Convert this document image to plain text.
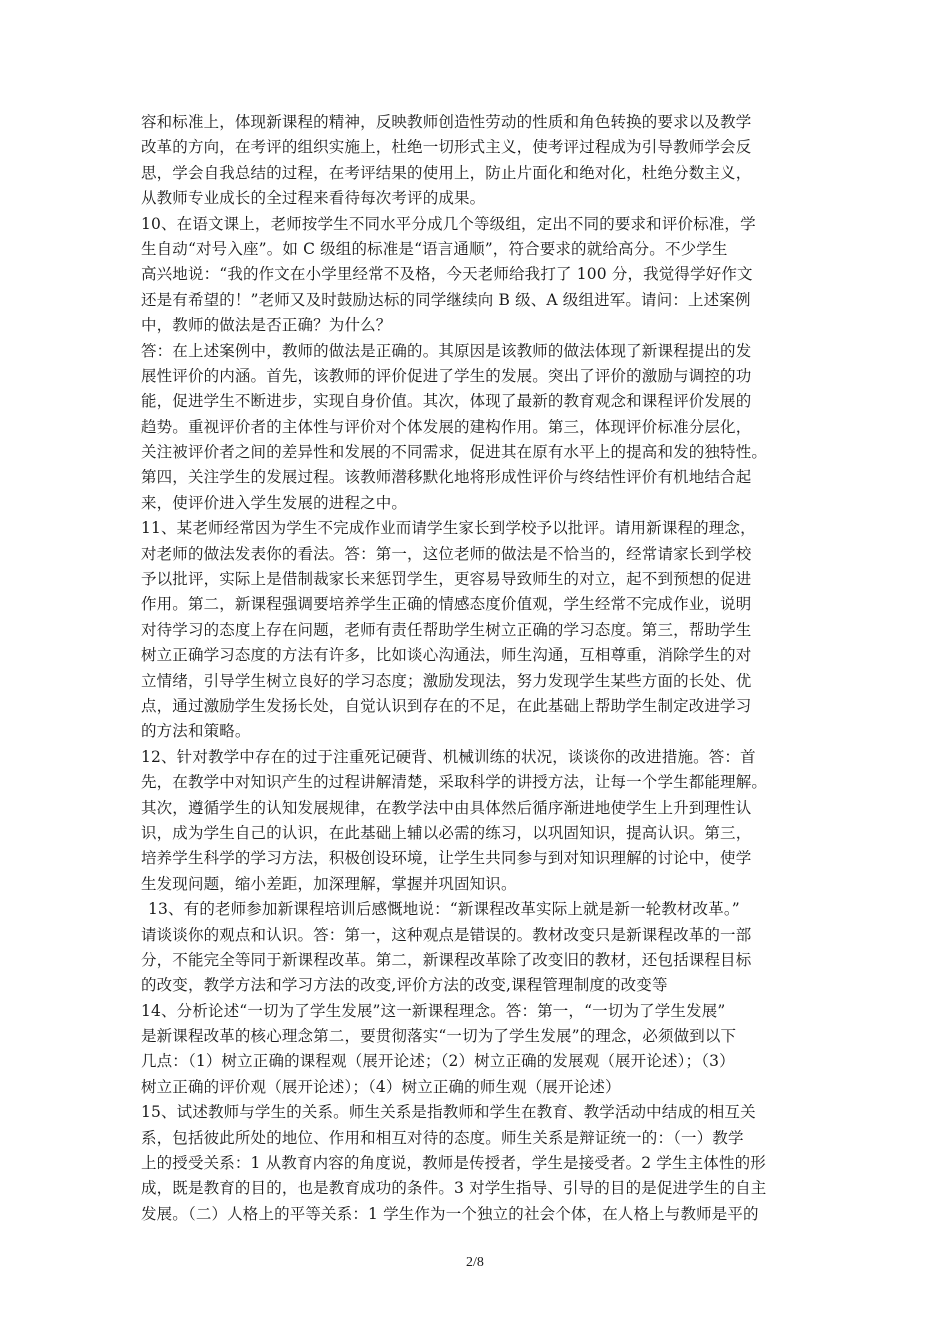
容和标准上，体现新课程的精神，反映教师创造性劳动的性质和角色转换的要求以及教学
改革的方向，在考评的组织实施上，杜绝一切形式主义，使考评过程成为引导教师学会反
思，学会自我总结的过程，在考评结果的使用上，防止片面化和绝对化，杜绝分数主义，
从教师专业成长的全过程来看待每次考评的成果。
10、在语文课上，老师按学生不同水平分成几个等级组，定出不同的要求和评价标准，学
生自动“对号入座”。如 C 级组的标准是“语言通顺”，符合要求的就给高分。不少学生
高兴地说：“我的作文在小学里经常不及格，今天老师给我打了 100 分，我觉得学好作文
还是有希望的！”老师又及时鼓励达标的同学继续向 B 级、A 级组进军。请问：上述案例
中，教师的做法是否正确？为什么？
答：在上述案例中，教师的做法是正确的。其原因是该教师的做法体现了新课程提出的发
展性评价的内涵。首先，该教师的评价促进了学生的发展。突出了评价的激励与调控的功
能，促进学生不断进步，实现自身价值。其次，体现了最新的教育观念和课程评价发展的
趋势。重视评价者的主体性与评价对个体发展的建构作用。第三，体现评价标准分层化，
关注被评价者之间的差异性和发展的不同需求，促进其在原有水平上的提高和发的独特性。
第四，关注学生的发展过程。该教师潜移默化地将形成性评价与终结性评价有机地结合起
来，使评价进入学生发展的进程之中。
11、某老师经常因为学生不完成作业而请学生家长到学校予以批评。请用新课程的理念，
对老师的做法发表你的看法。答：第一，这位老师的做法是不恰当的，经常请家长到学校
予以批评，实际上是借制裁家长来惩罚学生，更容易导致师生的对立，起不到预想的促进
作用。第二，新课程强调要培养学生正确的情感态度价值观，学生经常不完成作业，说明
对待学习的态度上存在问题，老师有责任帮助学生树立正确的学习态度。第三，帮助学生
树立正确学习态度的方法有许多，比如谈心沟通法，师生沟通，互相尊重，消除学生的对
立情绪，引导学生树立良好的学习态度；激励发现法，努力发现学生某些方面的长处、优
点，通过激励学生发扬长处，自觉认识到存在的不足，在此基础上帮助学生制定改进学习
的方法和策略。
12、针对教学中存在的过于注重死记硬背、机械训练的状况，谈谈你的改进措施。答：首
先，在教学中对知识产生的过程讲解清楚，采取科学的讲授方法，让每一个学生都能理解。
其次，遵循学生的认知发展规律，在教学法中由具体然后循序渐进地使学生上升到理性认
识，成为学生自己的认识，在此基础上辅以必需的练习，以巩固知识，提高认识。第三，
培养学生科学的学习方法，积极创设环境，让学生共同参与到对知识理解的讨论中，使学
生发现问题，缩小差距，加深理解，掌握并巩固知识。
13、有的老师参加新课程培训后感慨地说：“新课程改革实际上就是新一轮教材改革。”
请谈谈你的观点和认识。答：第一，这种观点是错误的。教材改变只是新课程改革的一部
分，不能完全等同于新课程改革。第二，新课程改革除了改变旧的教材，还包括课程目标
的改变，教学方法和学习方法的改变,评价方法的改变,课程管理制度的改变等
14、分析论述“一切为了学生发展”这一新课程理念。答：第一，“一切为了学生发展”
是新课程改革的核心理念第二，要贯彻落实“一切为了学生发展”的理念，必须做到以下
几点：（1）树立正确的课程观（展开论述；（2）树立正确的发展观（展开论述）；（3）
树立正确的评价观（展开论述）；（4）树立正确的师生观（展开论述）
15、试述教师与学生的关系。师生关系是指教师和学生在教育、教学活动中结成的相互关
系，包括彼此所处的地位、作用和相互对待的态度。师生关系是辩证统一的：（一）教学
上的授受关系：1 从教育内容的角度说，教师是传授者，学生是接受者。2 学生主体性的形
成，既是教育的目的，也是教育成功的条件。3 对学生指导、引导的目的是促进学生的自主
发展。（二）人格上的平等关系：1 学生作为一个独立的社会个体，在人格上与教师是平的
2/8
